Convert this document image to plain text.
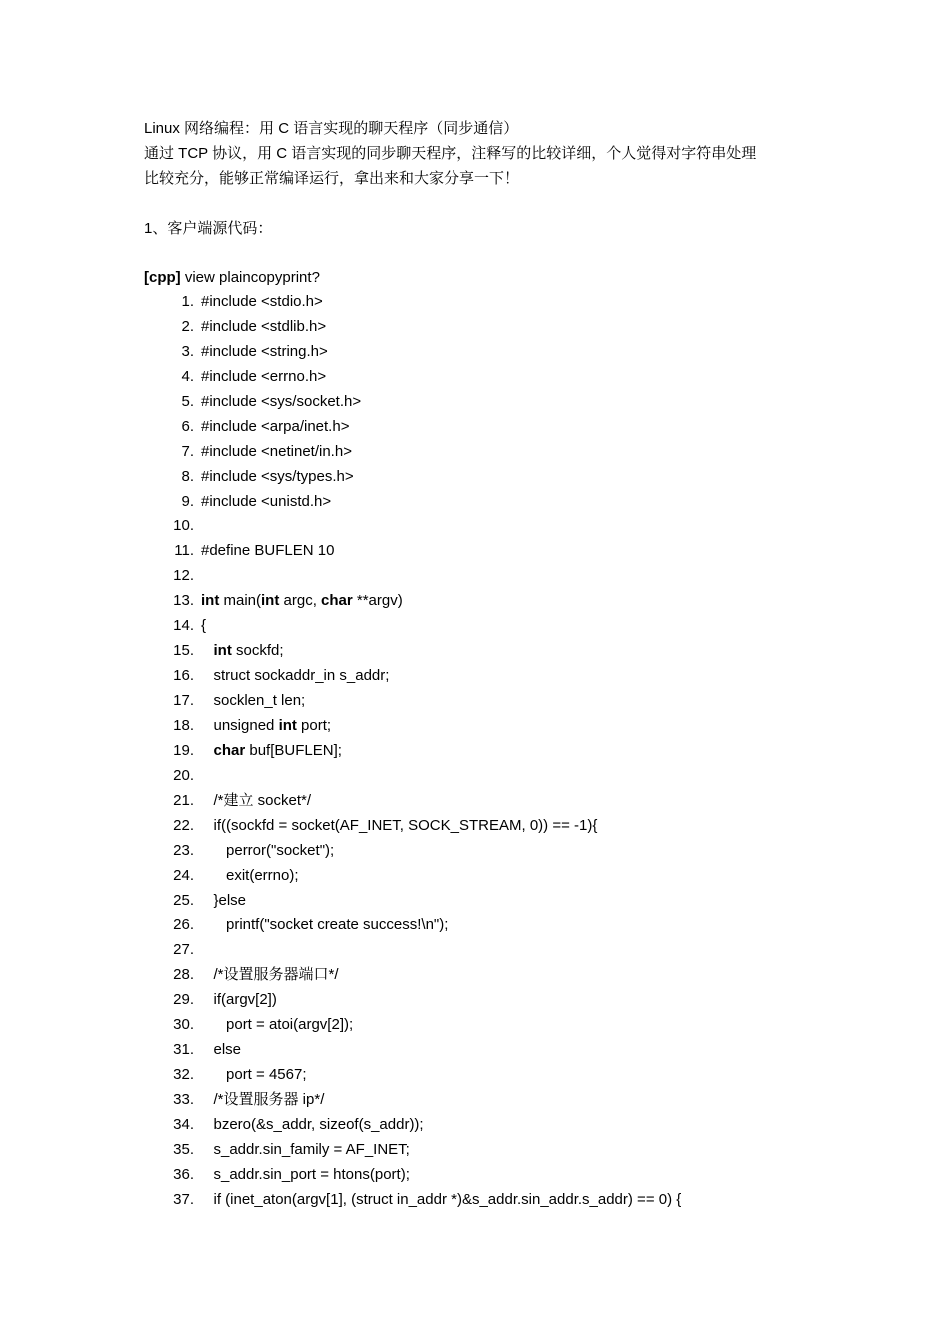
Linux 网络编程：用 C 语言实现的聊天程序（同步通信）
通过 TCP 协议，用 C 语言实现的同步聊天程序，注释写的比较详细，个人觉得对字符串处理
比较充分，能够正常编译运行，拿出来和大家分享一下！
1、客户端源代码：
[cpp] view plaincopyprint?
1. #include <stdio.h>
2. #include <stdlib.h>
3. #include <string.h>
4. #include <errno.h>
5. #include <sys/socket.h>
6. #include <arpa/inet.h>
7. #include <netinet/in.h>
8. #include <sys/types.h>
9. #include <unistd.h>
10.
11. #define BUFLEN 10
12.
13. int main(int argc, char **argv)
14. {
15.	int sockfd;
16. struct sockaddr_in s_addr;
17. socklen_t len;
18. unsigned int port;
19.	char buf[BUFLEN];
20.
21. /*建立 socket*/
22. if((sockfd = socket(AF_INET, SOCK_STREAM, 0)) == -1){
23. perror("socket");
24. exit(errno);
25. }else
26. printf("socket create success!\n");
27.
28. /*设置服务器端口*/
29. if(argv[2])
30. port = atoi(argv[2]);
31. else
32. port = 4567;
33. /*设置服务器 ip*/
34. bzero(&s_addr, sizeof(s_addr));
35. s_addr.sin_family = AF_INET;
36. s_addr.sin_port = htons(port);
37. if (inet_aton(argv[1], (struct in_addr *)&s_addr.sin_addr.s_addr) == 0) {
